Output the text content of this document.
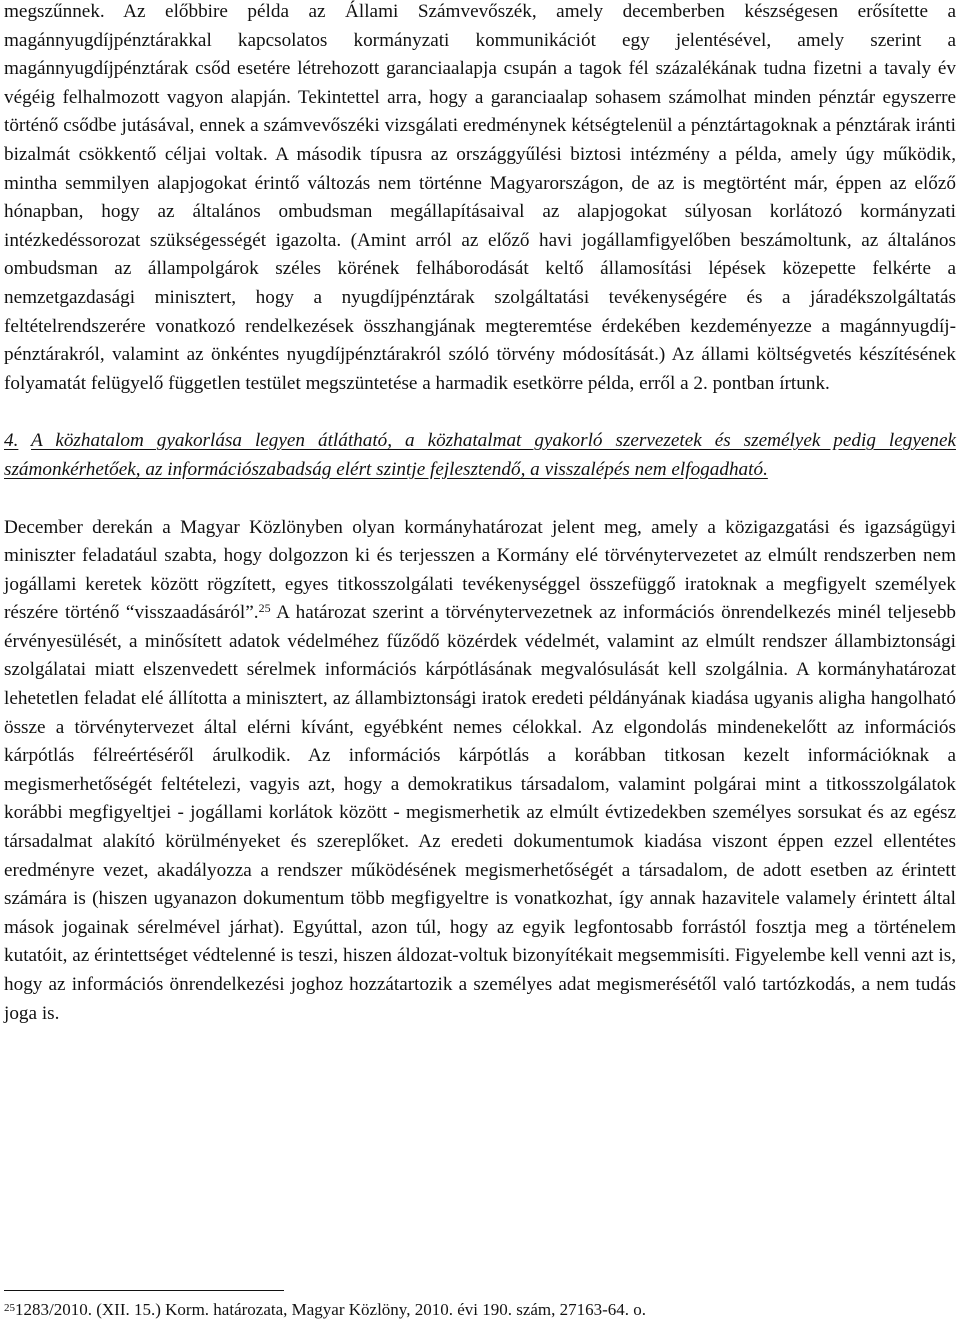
megszűnnek. Az előbbire példa az Állami Számvevőszék, amely decemberben készségesen erősítette a magánnyugdíjpénztárakkal kapcsolatos kormányzati kommunikációt egy jelentésével, amely szerint a magánnyugdíjpénztárak csőd esetére létrehozott garanciaalapja csupán a tagok fél százalékának tudna fizetni a tavaly év végéig felhalmozott vagyon alapján. Tekintettel arra, hogy a garanciaalap sohasem számolhat minden pénztár egyszerre történő csődbe jutásával, ennek a számvevőszéki vizsgálati eredménynek kétségtelenül a pénztártagoknak a pénztárak iránti bizalmát csökkentő céljai voltak. A második típusra az országgyűlési biztosi intézmény a példa, amely úgy működik, mintha semmilyen alapjogokat érintő változás nem történne Magyarországon, de az is megtörtént már, éppen az előző hónapban, hogy az általános ombudsman megállapításaival az alapjogokat súlyosan korlátozó kormányzati intézkedéssorozat szükségességét igazolta. (Amint arról az előző havi jogállamfigyelőben beszámoltunk, az általános ombudsman az állampolgárok széles körének felháborodását keltő államosítási lépések közepette felkérte a nemzetgazdasági minisztert, hogy a nyugdíjpénztárak szolgáltatási tevékenységére és a járadékszolgáltatás feltételrendszerére vonatkozó rendelkezések összhangjának megteremtése érdekében kezdeményezze a magánnyugdíj-pénztárakról, valamint az önkéntes nyugdíjpénztárakról szóló törvény módosítását.) Az állami költségvetés készítésének folyamatát felügyelő független testület megszüntetése a harmadik esetkörre példa, erről a 2. pontban írtunk.

4. A közhatalom gyakorlása legyen átlátható, a közhatalmat gyakorló szervezetek és személyek pedig legyenek számonkérhetőek, az információszabadság elért szintje fejlesztendő, a visszalépés nem elfogadható.

December derekán a Magyar Közlönyben olyan kormányhatározat jelent meg, amely a közigazgatási és igazságügyi miniszter feladatául szabta, hogy dolgozzon ki és terjesszen a Kormány elé törvénytervezetet az elmúlt rendszerben nem jogállami keretek között rögzített, egyes titkosszolgálati tevékenységgel összefüggő iratoknak a megfigyelt személyek részére történő “visszaadásáról”.$^{25}$ A határozat szerint a törvénytervezetnek az információs önrendelkezés minél teljesebb érvényesülését, a minősített adatok védelméhez fűződő közérdek védelmét, valamint az elmúlt rendszer állambiztonsági szolgálatai miatt elszenvedett sérelmek információs kárpótlásának megvalósulását kell szolgálnia. A kormányhatározat lehetetlen feladat elé állította a minisztert, az állambiztonsági iratok eredeti példányának kiadása ugyanis aligha hangolható össze a törvénytervezet által elérni kívánt, egyébként nemes célokkal. Az elgondolás mindenekelőtt az információs kárpótlás félreértéséről árulkodik. Az információs kárpótlás a korábban titkosan kezelt információknak a megismerhetőségét feltételezi, vagyis azt, hogy a demokratikus társadalom, valamint polgárai mint a titkosszolgálatok korábbi megfigyeltjei - jogállami korlátok között - megismerhetik az elmúlt évtizedekben személyes sorsukat és az egész társadalmat alakító körülményeket és szereplőket. Az eredeti dokumentumok kiadása viszont éppen ezzel ellentétes eredményre vezet, akadályozza a rendszer működésének megismerhetőségét a társadalom, de adott esetben az érintett számára is (hiszen ugyanazon dokumentum több megfigyeltre is vonatkozhat, így annak hazavitele valamely érintett által mások jogainak sérelmével járhat). Egyúttal, azon túl, hogy az egyik legfontosabb forrástól fosztja meg a történelem kutatóit, az érintettséget védtelenné is teszi, hiszen áldozat-voltuk bizonyítékait megsemmisíti. Figyelembe kell venni azt is, hogy az információs önrendelkezési joghoz hozzátartozik a személyes adat megismerésétől való tartózkodás, a nem tudás joga is.

$^{25}$1283/2010. (XII. 15.) Korm. határozata, Magyar Közlöny, 2010. évi 190. szám, 27163-64. o.
